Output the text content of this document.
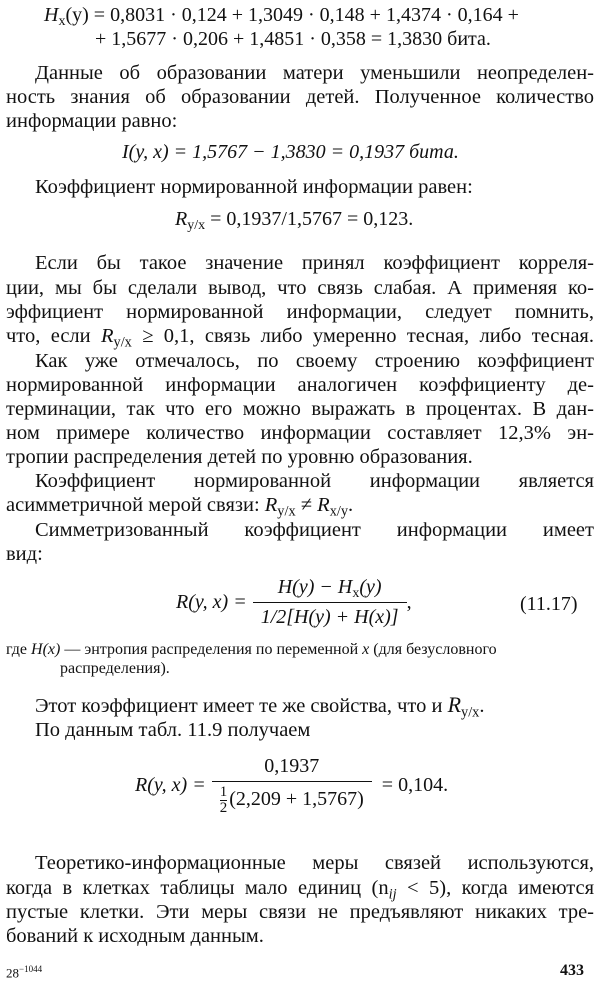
$H_x(y) = 0,8031 \cdot 0,124 + 1,3049 \cdot 0,148 + 1,4374 \cdot 0,164$ +
+ 1,5677 · 0,206 + 1,4851 · 0,358 = 1,3830 бита.
Данные об образовании матери уменьшили неопределен-
ность знания об образовании детей. Полученное количество
информации равно:
I(y, x) = 1,5767 − 1,3830 = 0,1937 бита.
Коэффициент нормированной информации равен:
$R_{y/x} = 0,1937/1,5767 = 0,123$.
Если бы такое значение принял коэффициент корреля-
ции, мы бы сделали вывод, что связь слабая. А применяя ко-
эффициент нормированной информации, следует помнить,
что, если $R_{y/x} \ge 0,1$, связь либо умеренно тесная, либо тесная.
Как уже отмечалось, по своему строению коэффициент
нормированной информации аналогичен коэффициенту де-
терминации, так что его можно выражать в процентах. В дан-
ном примере количество информации составляет 12,3% эн-
тропии распределения детей по уровню образования.
Коэффициент нормированной информации является
асимметричной мерой связи: $R_{y/x} \ne R_{x/y}$.
Симметризованный коэффициент информации имеет
вид:
R(y, $x) = \frac{H(y) - H_x(y)}{1/2[H(y) + H(x)]}$ ,	(11.17)
где H(x) — энтропия распределения по переменной x (для безусловного
распределения).
Этот коэффициент имеет те же свойства, что и $R_{y/x}$.
По данным табл. 11.9 получаем
R(y, $x) = \frac{0,1937}{\frac{1}{2} (2,209 + 1,5767)} = 0,104$.
Теоретико-информационные меры связей используются,
когда в клетках таблицы мало единиц $(n_{ij} < 5)$, когда имеются
пустые клетки. Эти меры связи не предъявляют никаких тре-
бований к исходным данным.
$28^{-1044}$	433
